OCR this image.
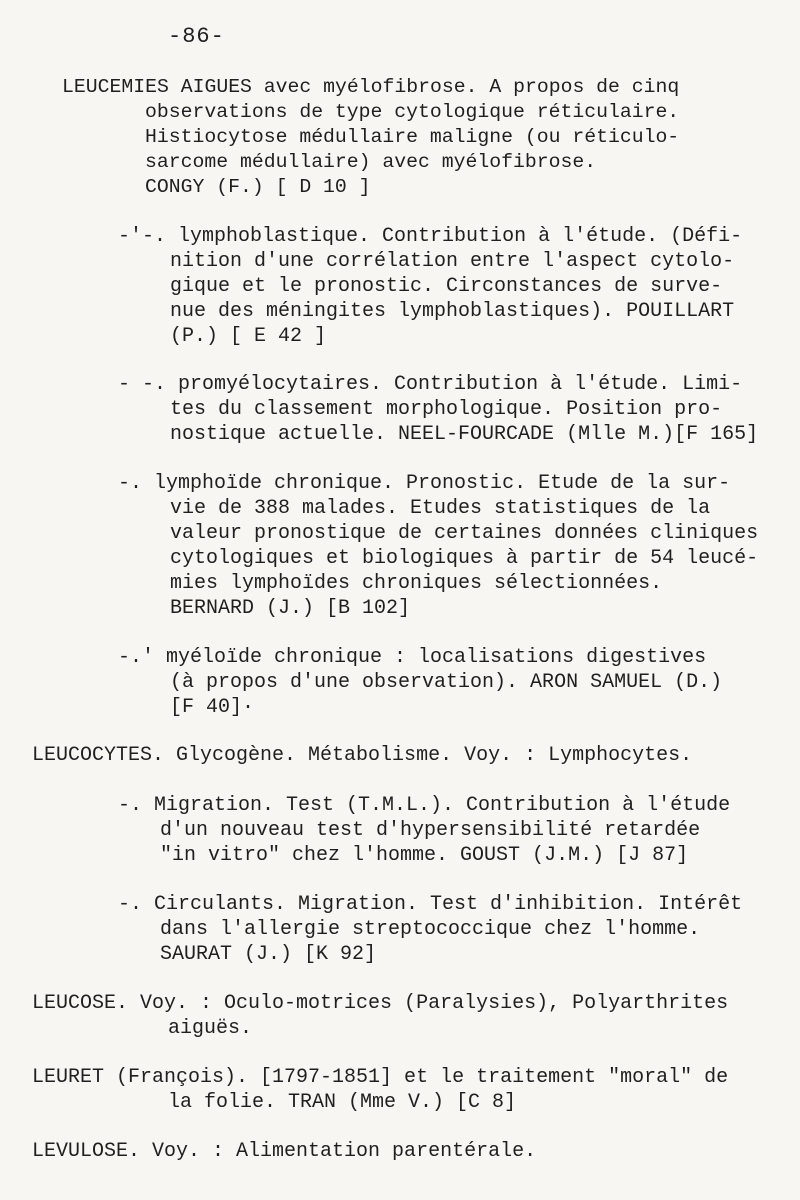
-86-
LEUCEMIES AIGUES avec myélofibrose. A propos de cinq
observations de type cytologique réticulaire.
Histiocytose médullaire maligne (ou réticulo-
sarcome médullaire) avec myélofibrose.
CONGY (F.) [ D 10 ]
-'-. lymphoblastique. Contribution à l'étude. (Défi-
nition d'une corrélation entre l'aspect cytolo-
gique et le pronostic. Circonstances de surve-
nue des méningites lymphoblastiques). POUILLART
(P.) [ E 42 ]
- -. promyélocytaires. Contribution à l'étude. Limi-
tes du classement morphologique. Position pro-
nostique actuelle. NEEL-FOURCADE (Mlle M.)[F 165]
-. lymphoïde chronique. Pronostic. Etude de la sur-
vie de 388 malades. Etudes statistiques de la
valeur pronostique de certaines données cliniques
cytologiques et biologiques à partir de 54 leucé-
mies lymphoïdes chroniques sélectionnées.
BERNARD (J.) [B 102]
-.' myéloïde chronique : localisations digestives
(à propos d'une observation). ARON SAMUEL (D.)
[F 40]·
LEUCOCYTES. Glycogène. Métabolisme. Voy. : Lymphocytes.
-. Migration. Test (T.M.L.). Contribution à l'étude
d'un nouveau test d'hypersensibilité retardée
"in vitro" chez l'homme. GOUST (J.M.) [J 87]
-. Circulants. Migration. Test d'inhibition. Intérêt
dans l'allergie streptococcique chez l'homme.
SAURAT (J.) [K 92]
LEUCOSE. Voy. : Oculo-motrices (Paralysies), Polyarthrites
aiguës.
LEURET (François). [1797-1851] et le traitement "moral" de
la folie. TRAN (Mme V.) [C 8]
LEVULOSE. Voy. : Alimentation parentérale.
